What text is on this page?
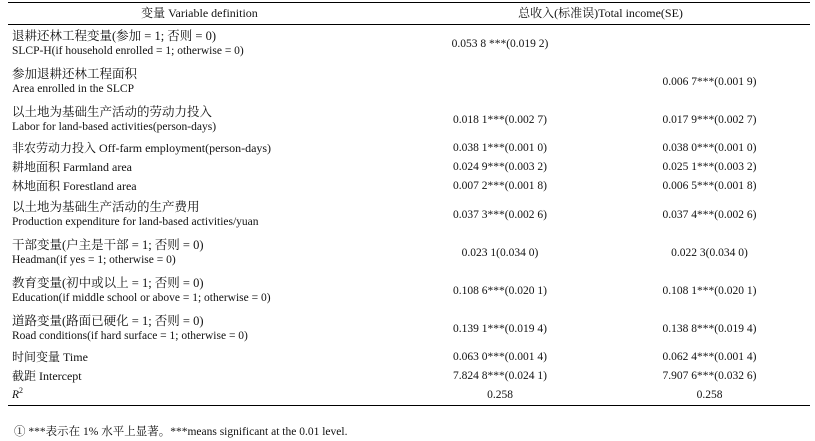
变量 Variable definition	总收入(标准误)Total income(SE)	

退耕还林工程变量(参加 = 1; 否则 = 0)
SLCP-H(if household enrolled = 1; otherwise = 0)	0.053 8 ***(0.019 2)	

参加退耕还林工程面积
Area enrolled in the SLCP		0.006 7***(0.001 9)

以土地为基础生产活动的劳动力投入
Labor for land-based activities(person-days)	0.018 1***(0.002 7)	0.017 9***(0.002 7)

非农劳动力投入 Off-farm employment(person-days)	0.038 1***(0.001 0)	0.038 0***(0.001 0)

耕地面积 Farmland area	0.024 9***(0.003 2)	0.025 1***(0.003 2)

林地面积 Forestland area	0.007 2***(0.001 8)	0.006 5***(0.001 8)

以土地为基础生产活动的生产费用
Production expenditure for land-based activities/yuan	0.037 3***(0.002 6)	0.037 4***(0.002 6)

干部变量(户主是干部 = 1; 否则 = 0)
Headman(if yes = 1; otherwise = 0)	0.023 1(0.034 0)	0.022 3(0.034 0)

教育变量(初中或以上 = 1; 否则 = 0)
Education(if middle school or above = 1; otherwise = 0)	0.108 6***(0.020 1)	0.108 1***(0.020 1)

道路变量(路面已硬化 = 1; 否则 = 0)
Road conditions(if hard surface = 1; otherwise = 0)	0.139 1***(0.019 4)	0.138 8***(0.019 4)

时间变量 Time	0.063 0***(0.001 4)	0.062 4***(0.001 4)

截距 Intercept	7.824 8***(0.024 1)	7.907 6***(0.032 6)
$R^2$	0.258	0.258
① ***表示在 1% 水平上显著。***means significant at the 0.01 level.
